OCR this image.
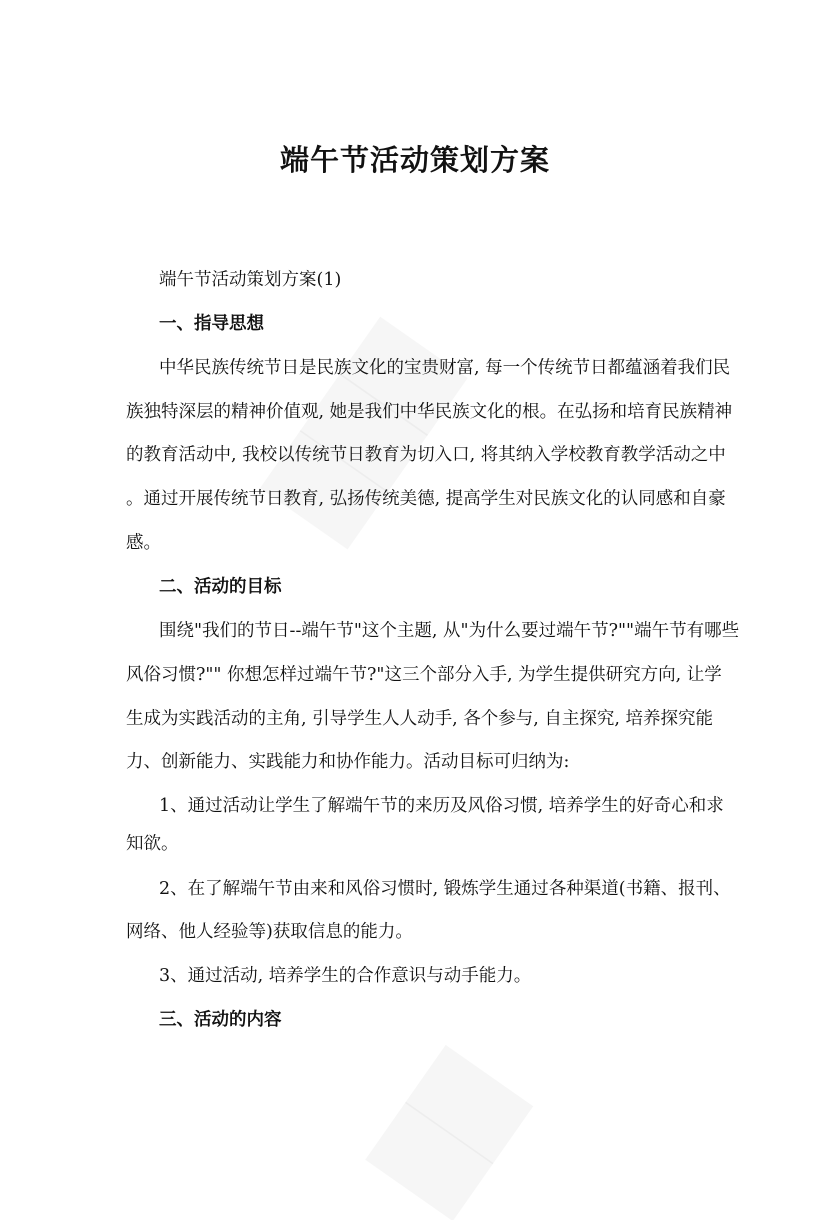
端午节活动策划方案
端午节活动策划方案(1)
一、指导思想
中华民族传统节日是民族文化的宝贵财富, 每一个传统节日都蕴涵着我们民
族独特深层的精神价值观, 她是我们中华民族文化的根。在弘扬和培育民族精神
的教育活动中, 我校以传统节日教育为切入口, 将其纳入学校教育教学活动之中
。通过开展传统节日教育, 弘扬传统美德, 提高学生对民族文化的认同感和自豪
感。
二、活动的目标
围绕"我们的节日--端午节"这个主题, 从"为什么要过端午节?""端午节有哪些
风俗习惯?"" 你想怎样过端午节?"这三个部分入手, 为学生提供研究方向, 让学
生成为实践活动的主角, 引导学生人人动手, 各个参与, 自主探究, 培养探究能
力、创新能力、实践能力和协作能力。活动目标可归纳为:
1、通过活动让学生了解端午节的来历及风俗习惯, 培养学生的好奇心和求
知欲。
2、在了解端午节由来和风俗习惯时, 锻炼学生通过各种渠道(书籍、报刊、
网络、他人经验等)获取信息的能力。
3、通过活动, 培养学生的合作意识与动手能力。
三、活动的内容
